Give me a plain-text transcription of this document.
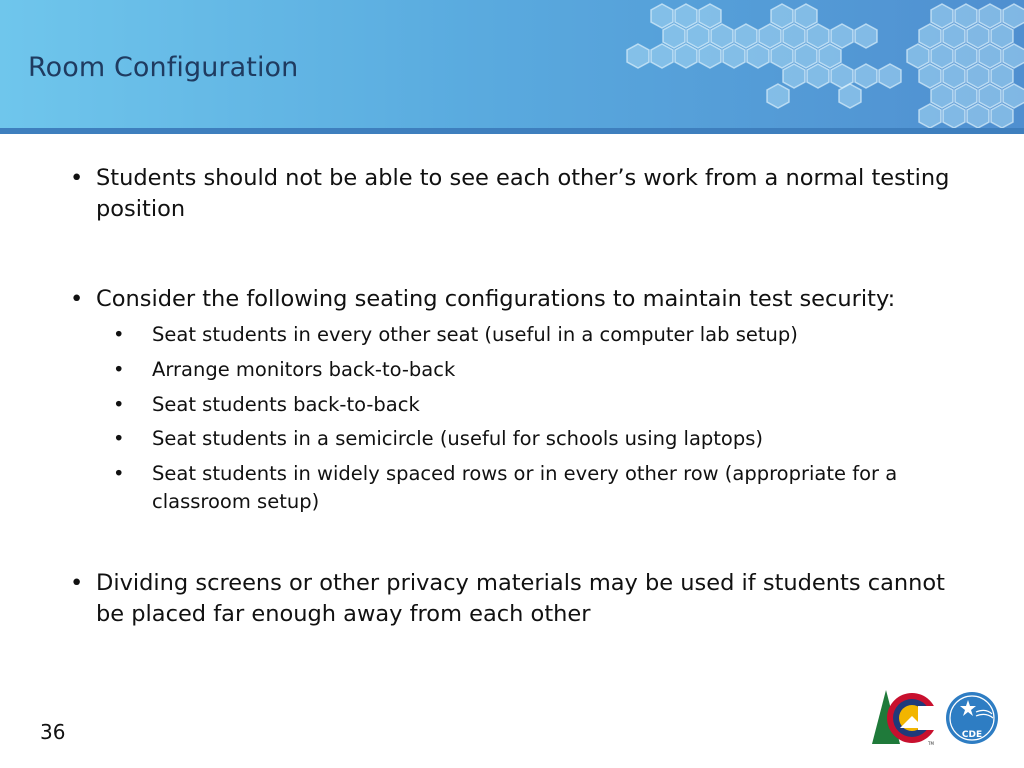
Room Configuration
• Students should not be able to see each other’s work from a normal testing position
• Consider the following seating configurations to maintain test security:
• Seat students in every other seat (useful in a computer lab setup)
• Arrange monitors back-to-back
• Seat students back-to-back
• Seat students in a semicircle (useful for schools using laptops)
• Seat students in widely spaced rows or in every other row (appropriate for a classroom setup)
• Dividing screens or other privacy materials may be used if students cannot be placed far enough away from each other
36	TM
CDE
